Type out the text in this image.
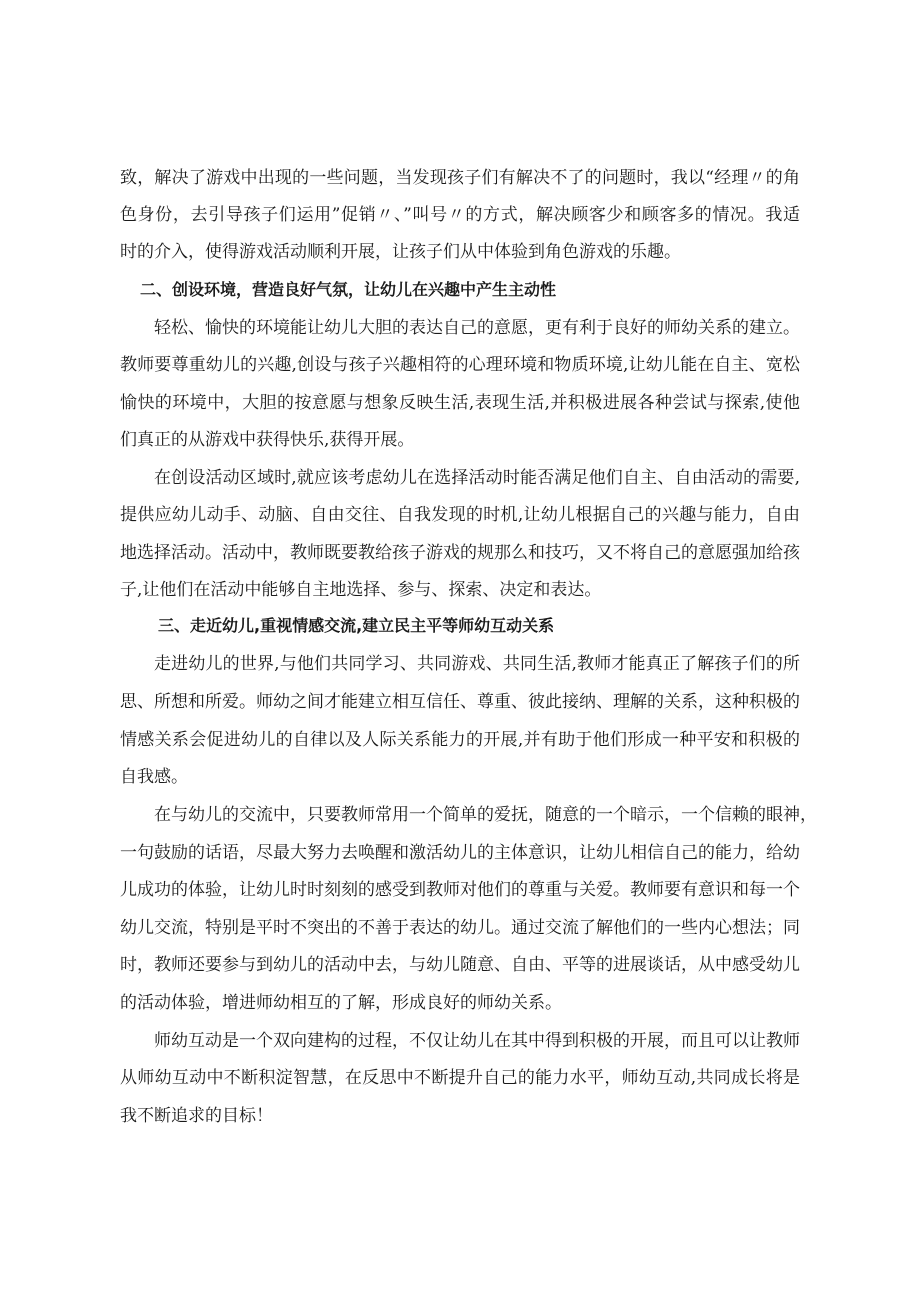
致，解决了游戏中出现的一些问题，当发现孩子们有解决不了的问题时，我以“经理〃的角
色身份，去引导孩子们运用”促销〃、”叫号〃的方式，解决顾客少和顾客多的情况。我适
时的介入，使得游戏活动顺利开展，让孩子们从中体验到角色游戏的乐趣。
二、创设环境，营造良好气氛，让幼儿在兴趣中产生主动性
轻松、愉快的环境能让幼儿大胆的表达自己的意愿，更有利于良好的师幼关系的建立。
教师要尊重幼儿的兴趣,创设与孩子兴趣相符的心理环境和物质环境,让幼儿能在自主、宽松
愉快的环境中，大胆的按意愿与想象反映生活,表现生活,并积极进展各种尝试与探索,使他
们真正的从游戏中获得快乐,获得开展。
在创设活动区域时,就应该考虑幼儿在选择活动时能否满足他们自主、自由活动的需要,
提供应幼儿动手、动脑、自由交往、自我发现的时机,让幼儿根据自己的兴趣与能力，自由
地选择活动。活动中，教师既要教给孩子游戏的规那么和技巧，又不将自己的意愿强加给孩
子,让他们在活动中能够自主地选择、参与、探索、决定和表达。
三、走近幼儿,重视情感交流,建立民主平等师幼互动关系
走进幼儿的世界,与他们共同学习、共同游戏、共同生活,教师才能真正了解孩子们的所
思、所想和所爱。师幼之间才能建立相互信任、尊重、彼此接纳、理解的关系，这种积极的
情感关系会促进幼儿的自律以及人际关系能力的开展,并有助于他们形成一种平安和积极的
自我感。
在与幼儿的交流中，只要教师常用一个简单的爱抚，随意的一个暗示，一个信赖的眼神，
一句鼓励的话语，尽最大努力去唤醒和激活幼儿的主体意识，让幼儿相信自己的能力，给幼
儿成功的体验，让幼儿时时刻刻的感受到教师对他们的尊重与关爱。教师要有意识和每一个
幼儿交流，特别是平时不突出的不善于表达的幼儿。通过交流了解他们的一些内心想法；同
时，教师还要参与到幼儿的活动中去，与幼儿随意、自由、平等的进展谈话，从中感受幼儿
的活动体验，增进师幼相互的了解，形成良好的师幼关系。
师幼互动是一个双向建构的过程，不仅让幼儿在其中得到积极的开展，而且可以让教师
从师幼互动中不断积淀智慧，在反思中不断提升自己的能力水平，师幼互动,共同成长将是
我不断追求的目标！
